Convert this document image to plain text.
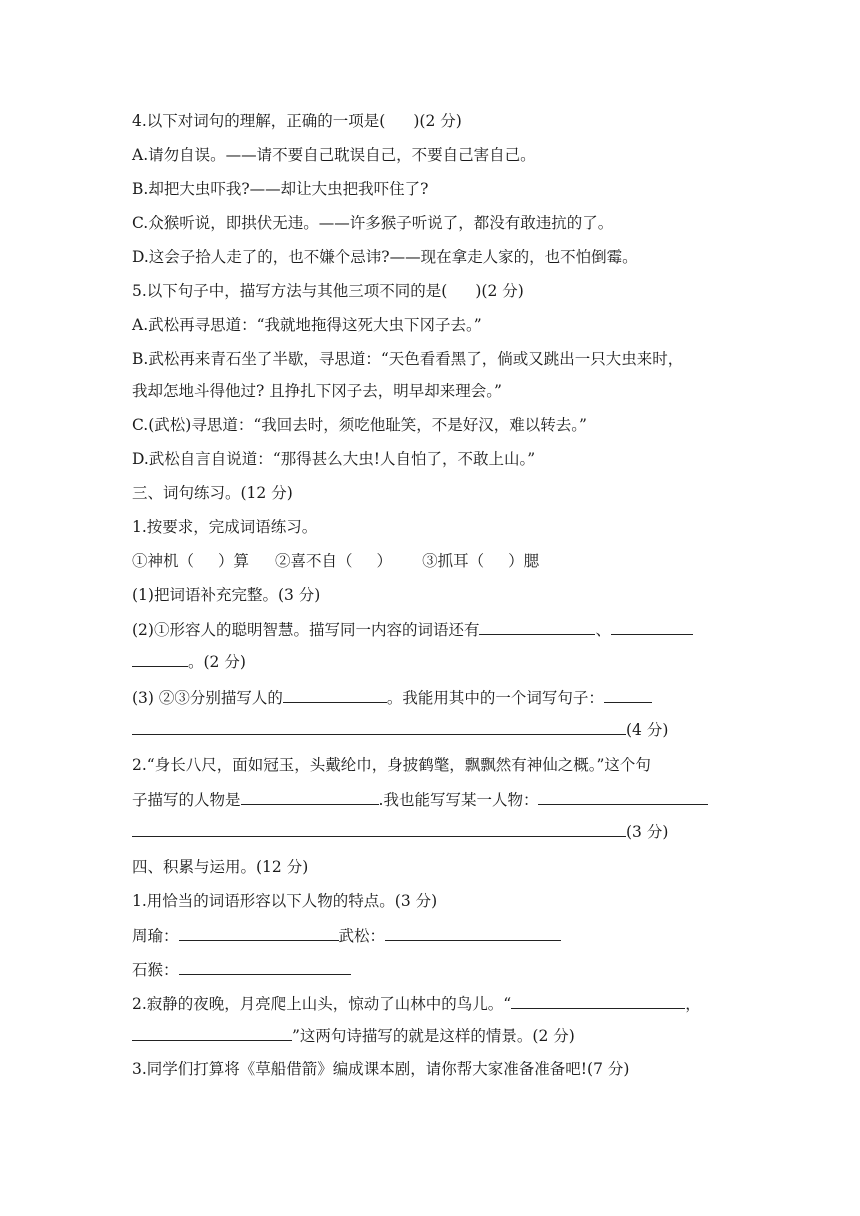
4.以下对词句的理解，正确的一项是( )(2 分)
A.请勿自误。——请不要自己耽误自己，不要自己害自己。
B.却把大虫吓我?——却让大虫把我吓住了?
C.众猴听说，即拱伏无违。——许多猴子听说了，都没有敢违抗的了。
D.这会子拾人走了的，也不嫌个忌讳?——现在拿走人家的，也不怕倒霉。
5.以下句子中，描写方法与其他三项不同的是( )(2 分)
A.武松再寻思道：“我就地拖得这死大虫下冈子去。”
B.武松再来青石坐了半歇，寻思道：“天色看看黑了，倘或又跳出一只大虫来时，
我却怎地斗得他过? 且挣扎下冈子去，明早却来理会。”
C.(武松)寻思道：“我回去时，须吃他耻笑，不是好汉，难以转去。”
D.武松自言自说道：“那得甚么大虫!人自怕了，不敢上山。”
三、词句练习。(12 分)
1.按要求，完成词语练习。
①神机（ ）算 ②喜不自（ ） ③抓耳（ ）腮
(1)把词语补充完整。(3 分)
(2)①形容人的聪明智慧。描写同一内容的词语还有	、
。(2 分)
(3) ②③分别描写人的	。我能用其中的一个词写句子：
(4 分)
2.“身长八尺，面如冠玉，头戴纶巾，身披鹤氅，飘飘然有神仙之概。”这个句
子描写的人物是	.我也能写写某一人物：
(3 分)
四、积累与运用。(12 分)
1.用恰当的词语形容以下人物的特点。(3 分)
周瑜：	武松：
石猴：
2.寂静的夜晚，月亮爬上山头，惊动了山林中的鸟儿。“	，
”这两句诗描写的就是这样的情景。(2 分)
3.同学们打算将《草船借箭》编成课本剧，请你帮大家准备准备吧!(7 分)
